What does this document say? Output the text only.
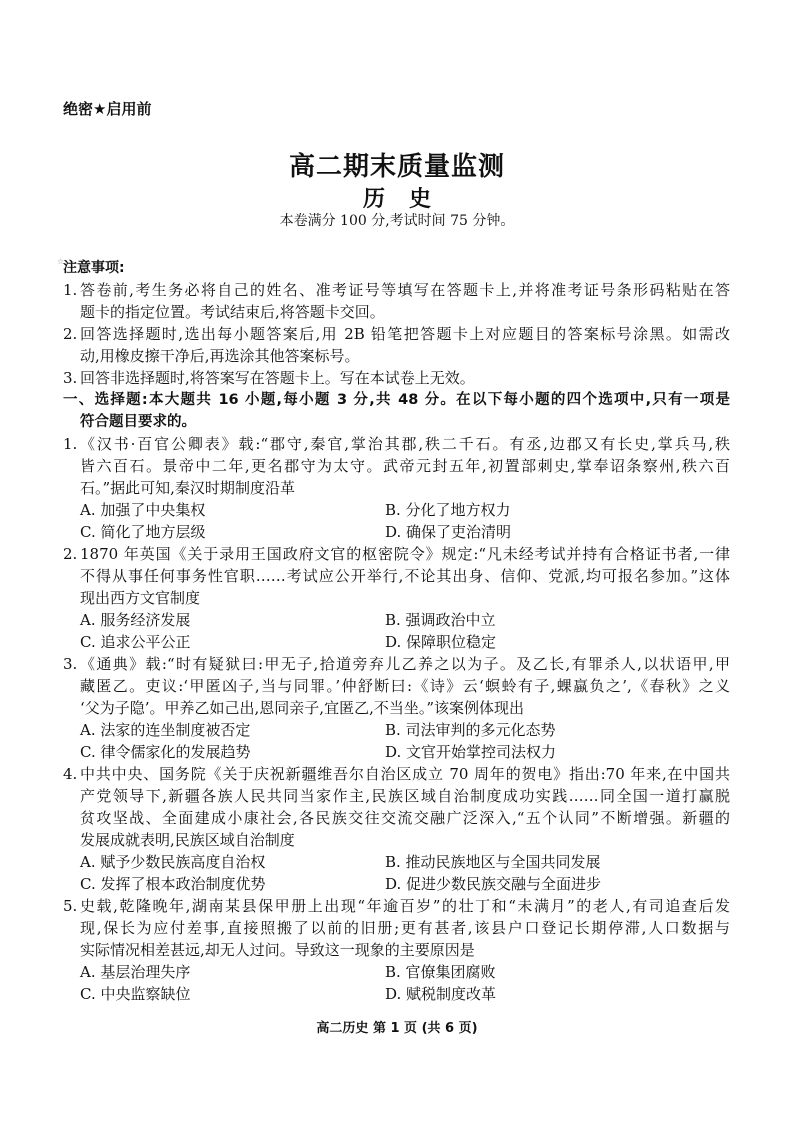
绝密★启用前
高二期末质量监测
历 史
本卷满分 100 分,考试时间 75 分钟。
☆
注意事项:
1. 答卷前,考生务必将自己的姓名、准考证号等填写在答题卡上,并将准考证号条形码粘贴在答
题卡的指定位置。考试结束后,将答题卡交回。
2. 回答选择题时,选出每小题答案后,用 2B 铅笔把答题卡上对应题目的答案标号涂黑。如需改
动,用橡皮擦干净后,再选涂其他答案标号。
3. 回答非选择题时,将答案写在答题卡上。写在本试卷上无效。
一、选择题:本大题共 16 小题,每小题 3 分,共 48 分。在以下每小题的四个选项中,只有一项是
符合题目要求的。
1. 《汉书·百官公卿表》载:“郡守,秦官,掌治其郡,秩二千石。有丞,边郡又有长史,掌兵马,秩
皆六百石。景帝中二年,更名郡守为太守。武帝元封五年,初置部刺史,掌奉诏条察州,秩六百
石。”据此可知,秦汉时期制度沿革
A. 加强了中央集权	B. 分化了地方权力
C. 简化了地方层级	D. 确保了吏治清明
2. 1870 年英国《关于录用王国政府文官的枢密院令》规定:“凡未经考试并持有合格证书者,一律
不得从事任何事务性官职……考试应公开举行,不论其出身、信仰、党派,均可报名参加。”这体
现出西方文官制度
A. 服务经济发展	B. 强调政治中立
C. 追求公平公正	D. 保障职位稳定
3. 《通典》载:“时有疑狱曰:甲无子,拾道旁弃儿乙养之以为子。及乙长,有罪杀人,以状语甲,甲
藏匿乙。吏议:‘甲匿凶子,当与同罪。’仲舒断曰:《诗》云‘螟蛉有子,蜾蠃负之’,《春秋》之义
‘父为子隐’。甲养乙如己出,恩同亲子,宜匿乙,不当坐。”该案例体现出
A. 法家的连坐制度被否定	B. 司法审判的多元化态势
C. 律令儒家化的发展趋势	D. 文官开始掌控司法权力
4. 中共中央、国务院《关于庆祝新疆维吾尔自治区成立 70 周年的贺电》指出:70 年来,在中国共
产党领导下,新疆各族人民共同当家作主,民族区域自治制度成功实践……同全国一道打赢脱
贫攻坚战、全面建成小康社会,各民族交往交流交融广泛深入,“五个认同”不断增强。新疆的
发展成就表明,民族区域自治制度
A. 赋予少数民族高度自治权	B. 推动民族地区与全国共同发展
C. 发挥了根本政治制度优势	D. 促进少数民族交融与全面进步
5. 史载,乾隆晚年,湖南某县保甲册上出现“年逾百岁”的壮丁和“未满月”的老人,有司追查后发
现,保长为应付差事,直接照搬了以前的旧册;更有甚者,该县户口登记长期停滞,人口数据与
实际情况相差甚远,却无人过问。导致这一现象的主要原因是
A. 基层治理失序	B. 官僚集团腐败
C. 中央监察缺位	D. 赋税制度改革
高二历史 第 1 页 (共 6 页)
